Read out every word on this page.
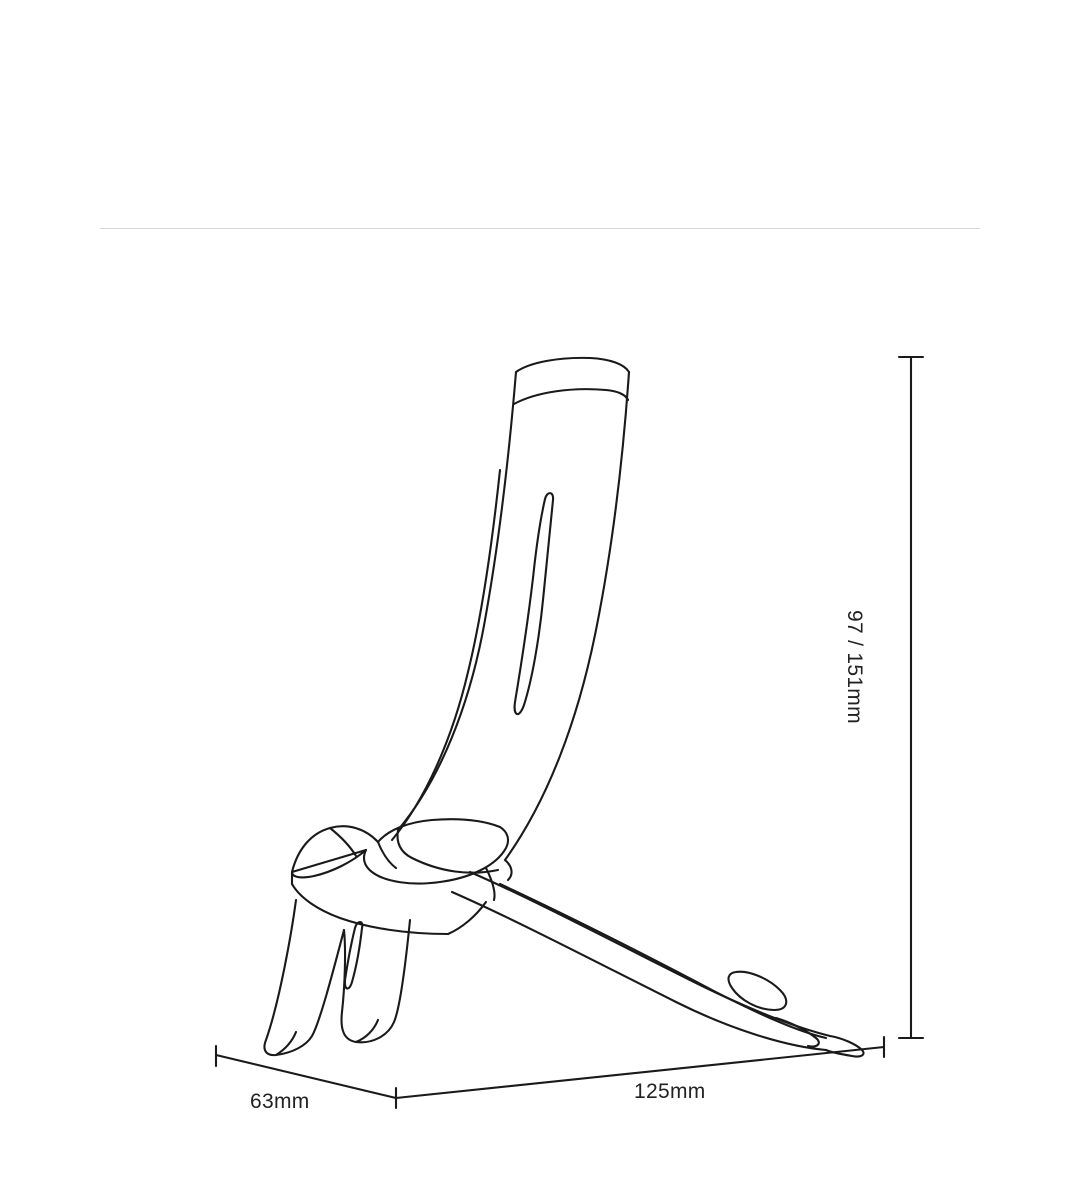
97 / 151mm
63mm	125mm
